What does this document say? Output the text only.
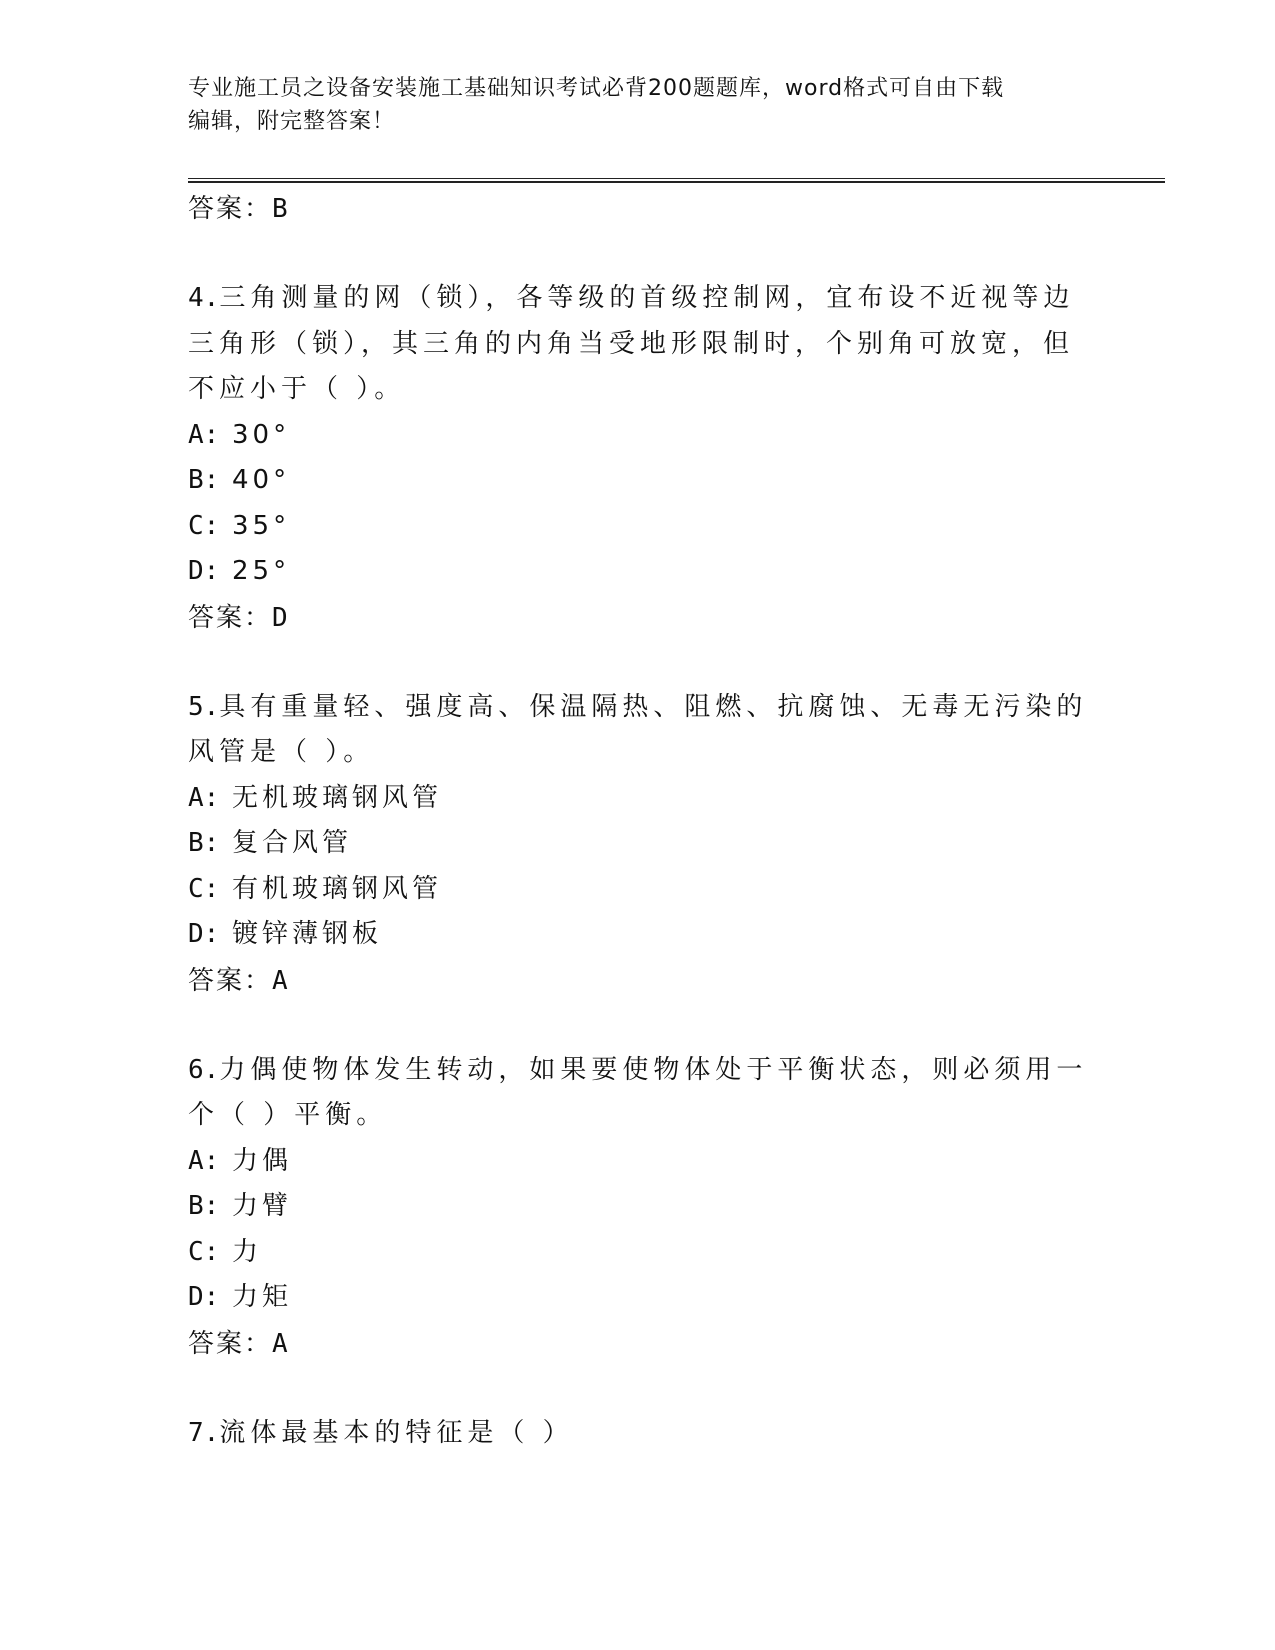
专业施工员之设备安装施工基础知识考试必背200题题库，word格式可自由下载
编辑，附完整答案！
答案：B
4.三角测量的网（锁），各等级的首级控制网，宜布设不近视等边三角形（锁），其三角的内角当受地形限制时，个别角可放宽，但不应小于（ ）。
A: 30°
B: 40°
C: 35°
D: 25°
答案：D
5.具有重量轻、强度高、保温隔热、阻燃、抗腐蚀、无毒无污染的风管是（ ）。
A: 无机玻璃钢风管
B: 复合风管
C: 有机玻璃钢风管
D: 镀锌薄钢板
答案：A
6.力偶使物体发生转动，如果要使物体处于平衡状态，则必须用一个（ ）平衡。
A: 力偶
B: 力臂
C: 力
D: 力矩
答案：A
7.流体最基本的特征是（ ）
